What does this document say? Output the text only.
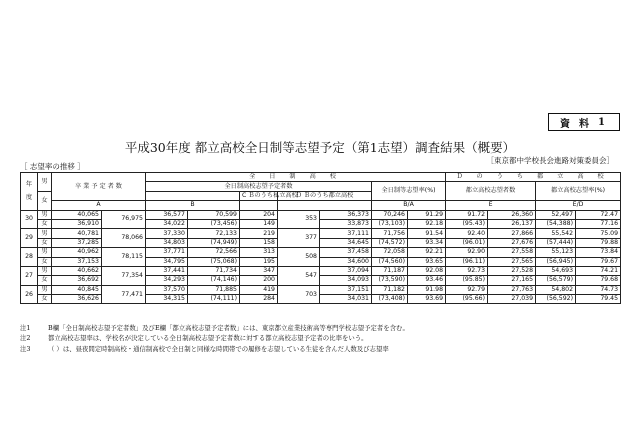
資 料 1
平成30年度 都立高校全日制等志望予定（第1志望）調査結果（概要）
［東京都中学校長会進路対策委員会］
［ 志望率の推移 ］
年
度	男	卒 業 予 定 者 数		全 日 制 高 校							Ｄ の う ち 都 立 高 校				
				全日制高校志望予定者数					全日制等志望率(%)		都立高校志望者数		都立高校志望率(%)		
	女					C Ｂのうち私立高校	Ｄ Ｂのうち都立高校								
		A		B					B/A		E		E/D		
30	男	40,065	76,975	36,577	70,599	204	353	36,373	70,246	91.29	91.72	26,360	52,497	72.47	
	女	36,910		34,022	(73,456)	149		33,873	(73,103)	92.18	(95.43)	26,137	(54,388)	77.16	
29	男	40,781	78,066	37,330	72,133	219	377	37,111	71,756	91.54	92.40	27,866	55,542	75.09	
	女	37,285		34,803	(74,949)	158		34,645	(74,572)	93.34	(96.01)	27,676	(57,444)	79.88	
28	男	40,962	78,115	37,771	72,566	313	508	37,458	72,058	92.21	92.90	27,558	55,123	73.84	
	女	37,153		34,795	(75,068)	195		34,600	(74,560)	93.65	(96.11)	27,565	(56,945)	79.67	
27	男	40,662	77,354	37,441	71,734	347	547	37,094	71,187	92.08	92.73	27,528	54,693	74.21	
	女	36,692		34,293	(74,146)	200		34,093	(73,590)	93.46	(95.85)	27,165	(56,579)	79.68	
26	男	40,845	77,471	37,570	71,885	419	703	37,151	71,182	91.98	92.79	27,763	54,802	74.73	
	女	36,626		34,315	(74,111)	284		34,031	(73,408)	93.69	(95.66)	27,039	(56,592)	79.45	
注1	B欄「全日制高校志望予定者数」及びE欄「都立高校志望予定者数」には、東京都立産業技術高等専門学校志望予定者を含む。
注2	都立高校志望率は、学校名が決定している全日制高校志望予定者数に対する都立高校志望予定者の比率をいう。
注3	（ ）は、昼夜間定時制高校・通信制高校で全日制と同様な時間帯での履修を志望している生徒を含んだ人数及び志望率
